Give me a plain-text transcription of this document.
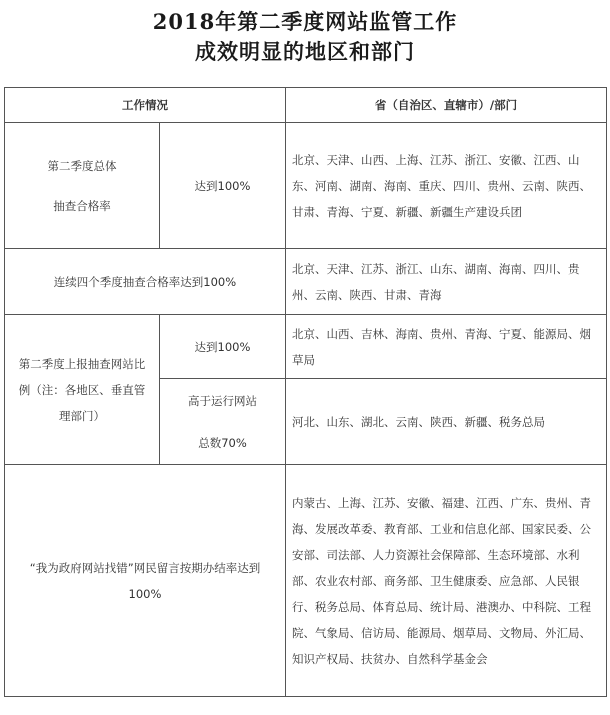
2018年第二季度网站监管工作
成效明显的地区和部门
工作情况		省（自治区、直辖市）/部门

第二季度总体
抽查合格率	达到100%	北京、天津、山西、上海、江苏、浙江、安徽、江西、山东、河南、湖南、海南、重庆、四川、贵州、云南、陕西、甘肃、青海、宁夏、新疆、新疆生产建设兵团
连续四个季度抽查合格率达到100%		北京、天津、江苏、浙江、山东、湖南、海南、四川、贵州、云南、陕西、甘肃、青海

第二季度上报抽查网站比例（注：各地区、垂直管理部门）	达到100%	北京、山西、吉林、海南、贵州、青海、宁夏、能源局、烟草局

	高于运行网站
总数70%	河北、山东、湖北、云南、陕西、新疆、税务总局

“我为政府网站找错”网民留言按期办结率达到100%		内蒙古、上海、江苏、安徽、福建、江西、广东、贵州、青海、发展改革委、教育部、工业和信息化部、国家民委、公安部、司法部、人力资源社会保障部、生态环境部、水利部、农业农村部、商务部、卫生健康委、应急部、人民银行、税务总局、体育总局、统计局、港澳办、中科院、工程院、气象局、信访局、能源局、烟草局、文物局、外汇局、知识产权局、扶贫办、自然科学基金会
